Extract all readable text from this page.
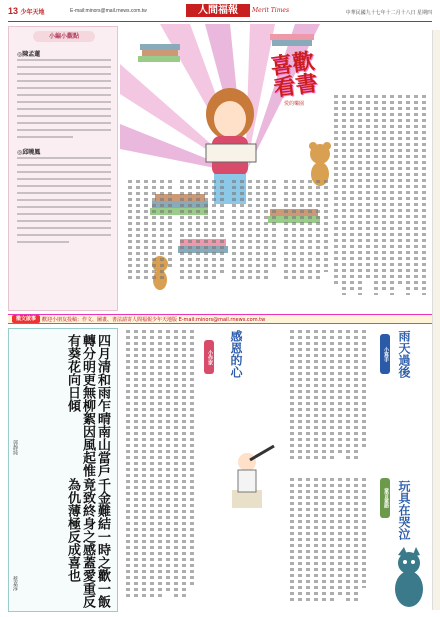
13 少年天地	E-mail:minors@mail.rnews.com.tw	人間福報	Merit Times	中華民國九十七年十二月十八日 星期四
小編小觀點
◎陳孟蓮
◎邱曉鳳
喜歡看書
愛的樂園
歡迎小朋友投稿：作文、圖畫、書法請寄人間福報少年天地版 E-mail:minors@mail.rnews.com.tw
徵文啟事
四月清和雨乍晴南山當戶轉分明更無柳絮因風起惟有葵花向日傾
郭靜純
千金難結一時之歡一飯竟致終身之感蓋愛重反為仇薄極反成喜也
蔡嘉淳
小作家 感恩的心	小寫手 雨天過後
童言童語 玩具在哭泣
